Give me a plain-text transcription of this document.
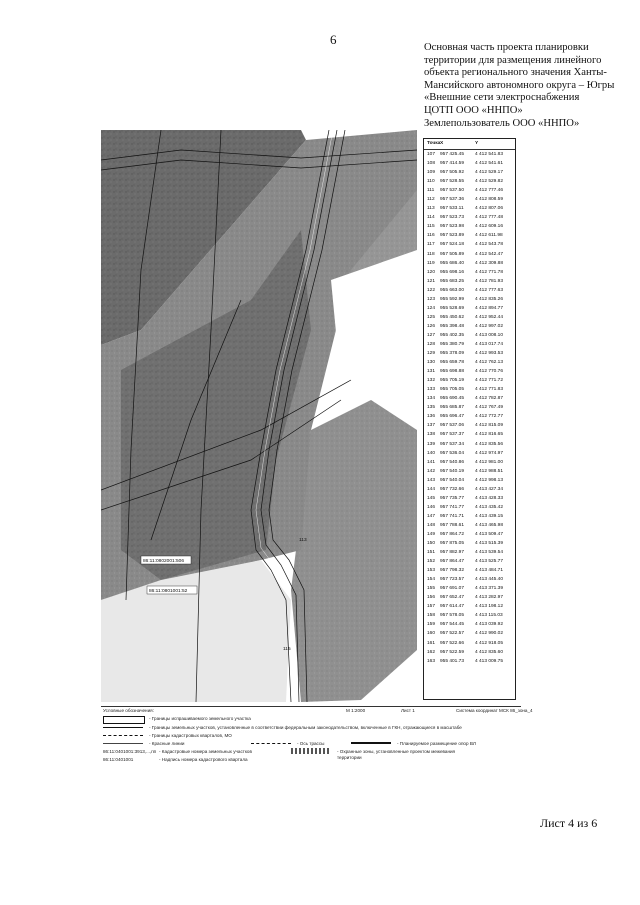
6
Основная часть проекта планировки
территории для размещения линейного
объекта регионального значения Ханты-
Мансийского автономного округа – Югры
«Внешние сети электроснабжения
ЦОТП ООО «ННПО»
Землепользователь ООО «ННПО»
86:11:0802001:506
86:11:0801001:52
113
115
Точка X	Y
107	957 425.45	4 412 541.83
108	957 414.59	4 412 541.61
109	957 505.92	4 412 529.17
110	957 528.55	4 412 529.82
111	957 537.50	4 412 777.46
112	957 537.36	4 412 808.59
113	957 533.11	4 412 807.06
114	957 523.73	4 412 777.48
115	957 523.98	4 412 609.16
116	957 523.89	4 412 611.98
117	957 524.18	4 412 543.78
118	957 505.89	4 412 542.47
119	955 686.40	4 412 309.88
120	955 698.16	4 412 771.78
121	955 683.25	4 412 781.93
122	955 663.00	4 412 777.63
123	955 592.99	4 412 835.26
124	955 528.69	4 412 894.77
125	955 450.62	4 412 952.44
126	955 398.48	4 412 997.02
127	955 402.35	4 413 008.10
128	955 380.79	4 413 017.74
129	955 378.09	4 412 993.53
130	955 659.78	4 412 762.13
131	955 698.88	4 412 770.76
132	955 705.19	4 412 771.72
133	955 705.05	4 412 771.83
134	955 690.45	4 412 782.87
135	955 685.87	4 412 767.49
136	955 696.47	4 412 772.77
137	957 537.06	4 412 815.09
138	957 537.37	4 412 816.65
139	957 537.34	4 412 835.56
140	957 536.04	4 412 974.97
141	957 540.86	4 412 981.00
142	957 540.19	4 412 988.51
143	957 540.04	4 412 998.13
144	957 732.66	4 413 427.34
145	957 735.77	4 413 428.33
146	957 741.77	4 413 435.42
147	957 741.71	4 413 439.15
148	957 788.61	4 413 465.98
149	957 864.72	4 413 509.47
150	957 875.05	4 413 515.39
151	957 882.97	4 413 539.54
152	957 864.47	4 413 525.77
153	957 798.32	4 413 484.71
154	957 723.57	4 413 445.40
155	957 691.07	4 413 371.39
156	957 652.47	4 413 282.97
157	957 614.47	4 413 198.12
158	957 578.05	4 413 115.03
159	957 544.45	4 413 039.92
160	957 522.57	4 412 990.02
161	957 522.66	4 412 918.05
162	957 522.59	4 412 835.60
163	955 401.73	4 413 009.75
Условные обозначения:	М 1:2000	Лист 1	Система координат МСК 86_зона_4
- Границы испрашиваемого земельного участка
- Границы земельных участков, установленные в соответствии федеральным законодательством, включенные в ГКН, отражающиеся в масштабе
- Границы кадастровых кварталов, МО
- Красные линии	- Ось трассы	- Планируемое размещение опор ВЛ
86:11:0401001:3913,...,пп - Кадастровые номера земельных участков	- Охранные зоны, установленные проектом межевания территории
86:11:0401001	- Надпись номера кадастрового квартала
Лист 4 из 6
